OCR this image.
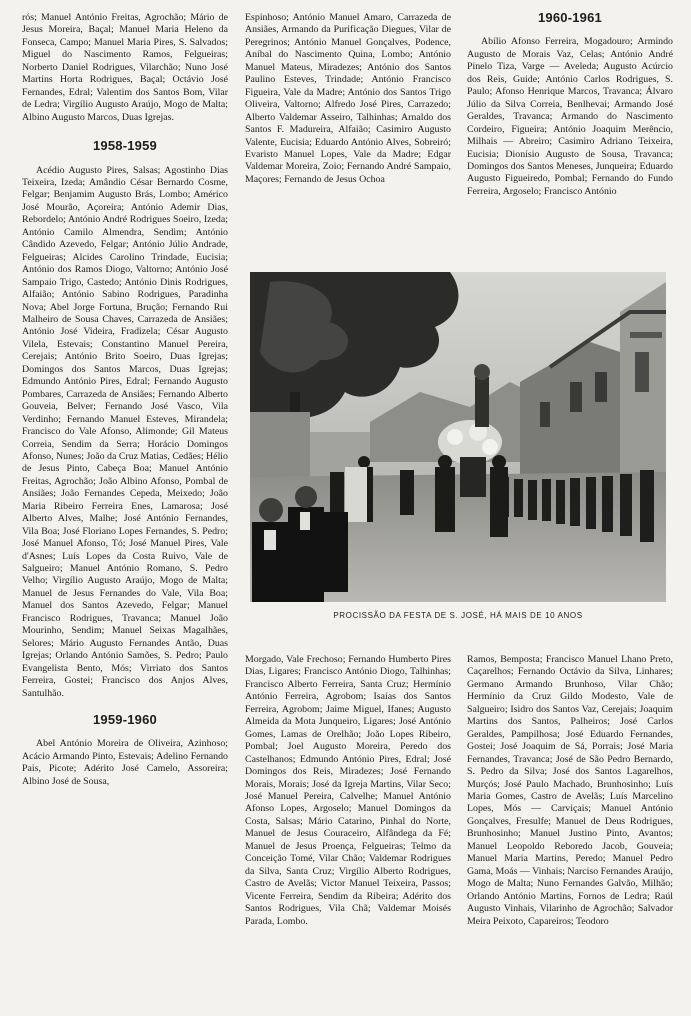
rós; Manuel António Freitas, Agrochão; Mário de Jesus Moreira, Baçal; Manuel Maria Heleno da Fonseca, Campo; Manuel Maria Pires, S. Salvados; Miguel do Nascimento Ramos, Felgueiras; Norberto Daniel Rodrigues, Vilarchão; Nuno José Martins Horta Rodrigues, Baçal; Octávio José Fernandes, Edral; Valentim dos Santos Bom, Vilar de Ledra; Virgílio Augusto Araújo, Mogo de Malta; Albino Augusto Marcos, Duas Igrejas.

1958-1959

Acédio Augusto Pires, Salsas; Agostinho Dias Teixeira, Izeda; Amândio César Bernardo Cosme, Felgar; Benjamim Augusto Brás, Lombo; Américo José Mourão, Açoreira; António Ademir Dias, Rebordelo; António André Rodrigues Soeiro, Izeda; António Camilo Almendra, Sendim; António Cândido Azevedo, Felgar; António Júlio Andrade, Felgueiras; Alcides Carolino Trindade, Eucisia; António dos Ramos Diogo, Valtorno; António José Sampaio Trigo, Castedo; António Dinis Rodrigues, Alfaião; António Sabino Rodrigues, Paradinha Nova; Abel Jorge Fortuna, Brução; Fernando Rui Malheiro de Sousa Chaves, Carrazeda de Ansiães; António José Videira, Fradizela; César Augusto Vilela, Estevais; Constantino Manuel Pereira, Cerejais; António Brito Soeiro, Duas Igrejas; Domingos dos Santos Marcos, Duas Igrejas; Edmundo António Pires, Edral; Fernando Augusto Pombares, Carrazeda de Ansiães; Fernando Alberto Gouveia, Belver; Fernando José Vasco, Vila Verdinho; Fernando Manuel Esteves, Mirandela; Francisco do Vale Afonso, Alimonde; Gil Mateus Correia, Sendim da Serra; Horácio Domingos Afonso, Nunes; João da Cruz Matias, Cedães; Hélio de Jesus Pinto, Cabeça Boa; Manuel António Freitas, Agrochão; João Albino Afonso, Pombal de Ansiães; João Fernandes Cepeda, Meixedo; João Maria Ribeiro Ferreira Enes, Lamarosa; José Alberto Alves, Malhe; José António Fernandes, Vila Boa; José Floriano Lopes Fernandes, S. Pedro; José Manuel Afonso, Tó; José Manuel Pires, Vale d'Asnes; Luís Lopes da Costa Ruivo, Vale de Salgueiro; Manuel António Romano, S. Pedro Velho; Virgílio Augusto Araújo, Mogo de Malta; Manuel de Jesus Fernandes do Vale, Vila Boa; Manuel dos Santos Azevedo, Felgar; Manuel Francisco Rodrigues, Travanca; Manuel João Mourinho, Sendim; Manuel Seixas Magalhães, Selores; Mário Augusto Fernandes Antão, Duas Igrejas; Orlando António Samões, S. Pedro; Paulo Evangelista Bento, Mós; Virriato dos Santos Ferreira, Gostei; Francisco dos Anjos Alves, Santulhão.

1959-1960

Abel António Moreira de Oliveira, Azinhoso; Acácio Armando Pinto, Estevais; Adelino Fernando Pais, Picote; Adérito José Camelo, Assoreira; Albino José de Sousa,

Espinhoso; António Manuel Amaro, Carrazeda de Ansiães, Armando da Purificação Diegues, Vilar de Peregrinos; António Manuel Gonçalves, Podence, Aníbal do Nascimento Quina, Lombo; António Manuel Mateus, Miradezes; António dos Santos Paulino Esteves, Trindade; António Francisco Figueira, Vale da Madre; António dos Santos Trigo Oliveira, Valtorno; Alfredo José Pires, Carrazedo; Alberto Valdemar Asseiro, Talhinhas; Arnaldo dos Santos F. Madureira, Alfaião; Casimiro Augusto Valente, Eucisia; Eduardo António Alves, Sobreiró; Evaristo Manuel Lopes, Vale da Madre; Edgar Valdemar Moreira, Zoio; Fernando André Sampaio, Maçores; Fernando de Jesus Ochoa

1960-1961

Abílio Afonso Ferreira, Mogadouro; Armindo Augusto de Morais Vaz, Celas; António André Pinelo Tiza, Varge — Aveleda; Augusto Acúrcio dos Reis, Guide; António Carlos Rodrigues, S. Paulo; Afonso Henrique Marcos, Travanca; Álvaro Júlio da Silva Correia, Benlhevai; Armando José Geraldes, Travanca; Armando do Nascimento Cordeiro, Figueira; António Joaquim Merêncio, Milhais — Abreiro; Casimiro Adriano Teixeira, Eucisia; Dionísio Augusto de Sousa, Travanca; Domingos dos Santos Meneses, Junqueira; Eduardo Augusto Figueiredo, Pombal; Fernando do Fundo Ferreira, Argoselo; Francisco António

PROCISSÃO DA FESTA DE S. JOSÉ, HÁ MAIS DE 10 ANOS

Morgado, Vale Frechoso; Fernando Humberto Pires Dias, Ligares; Francisco António Diogo, Talhinhas; Francisco Alberto Ferreira, Santa Cruz; Hermínio António Ferreira, Agrobom; Isaías dos Santos Ferreira, Agrobom; Jaime Miguel, Ifanes; Augusto Almeida da Mota Junqueiro, Ligares; José António Gomes, Lamas de Orelhão; João Lopes Ribeiro, Pombal; Joel Augusto Moreira, Peredo dos Castelhanos; Edmundo António Pires, Edral; José Domingos dos Reis, Miradezes; José Fernando Morais, Morais; José da Igreja Martins, Vilar Seco; José Manuel Pereira, Calvelhe; Manuel António Afonso Lopes, Argoselo; Manuel Domingos da Costa, Salsas; Mário Catarino, Pinhal do Norte, Manuel de Jesus Couraceiro, Alfândega da Fé; Manuel de Jesus Proença, Felgueiras; Telmo da Conceição Tomé, Vilar Chão; Valdemar Rodrigues da Silva, Santa Cruz; Virgílio Alberto Rodrigues, Castro de Avelãs; Victor Manuel Teixeira, Passos; Vicente Ferreira, Sendim da Ribeira; Adérito dos Santos Rodrigues, Vila Chã; Valdemar Moisés Parada, Lombo.

Ramos, Bemposta; Francisco Manuel Lhano Preto, Caçarelhos; Fernando Octávio da Silva, Linhares; Germano Armando Brunhoso, Vilar Chão; Hermínio da Cruz Gildo Modesto, Vale de Salgueiro; Isidro dos Santos Vaz, Cerejais; Joaquim Martins dos Santos, Palheiros; José Carlos Geraldes, Pampilhosa; José Eduardo Fernandes, Gostei; José Joaquim de Sá, Porrais; José Maria Fernandes, Travanca; José de São Pedro Bernardo, S. Pedro da Silva; José dos Santos Lagarelhos, Murçós; José Paulo Machado, Brunhosinho; Luís Maria Gomes, Castro de Avelãs; Luís Marcelino Lopes, Mós — Carviçais; Manuel António Gonçalves, Fresulfe; Manuel de Deus Rodrigues, Brunhosinho; Manuel Justino Pinto, Avantos; Manuel Leopoldo Reboredo Jacob, Gouveia; Manuel Maria Martins, Peredo; Manuel Pedro Gama, Moás — Vinhais; Narciso Fernandes Araújo, Mogo de Malta; Nuno Fernandes Galvão, Milhão; Orlando António Martins, Fornos de Ledra; Raúl Augusto Vinhais, Vilarinho de Agrochão; Salvador Meira Peixoto, Capareiros; Teodoro
